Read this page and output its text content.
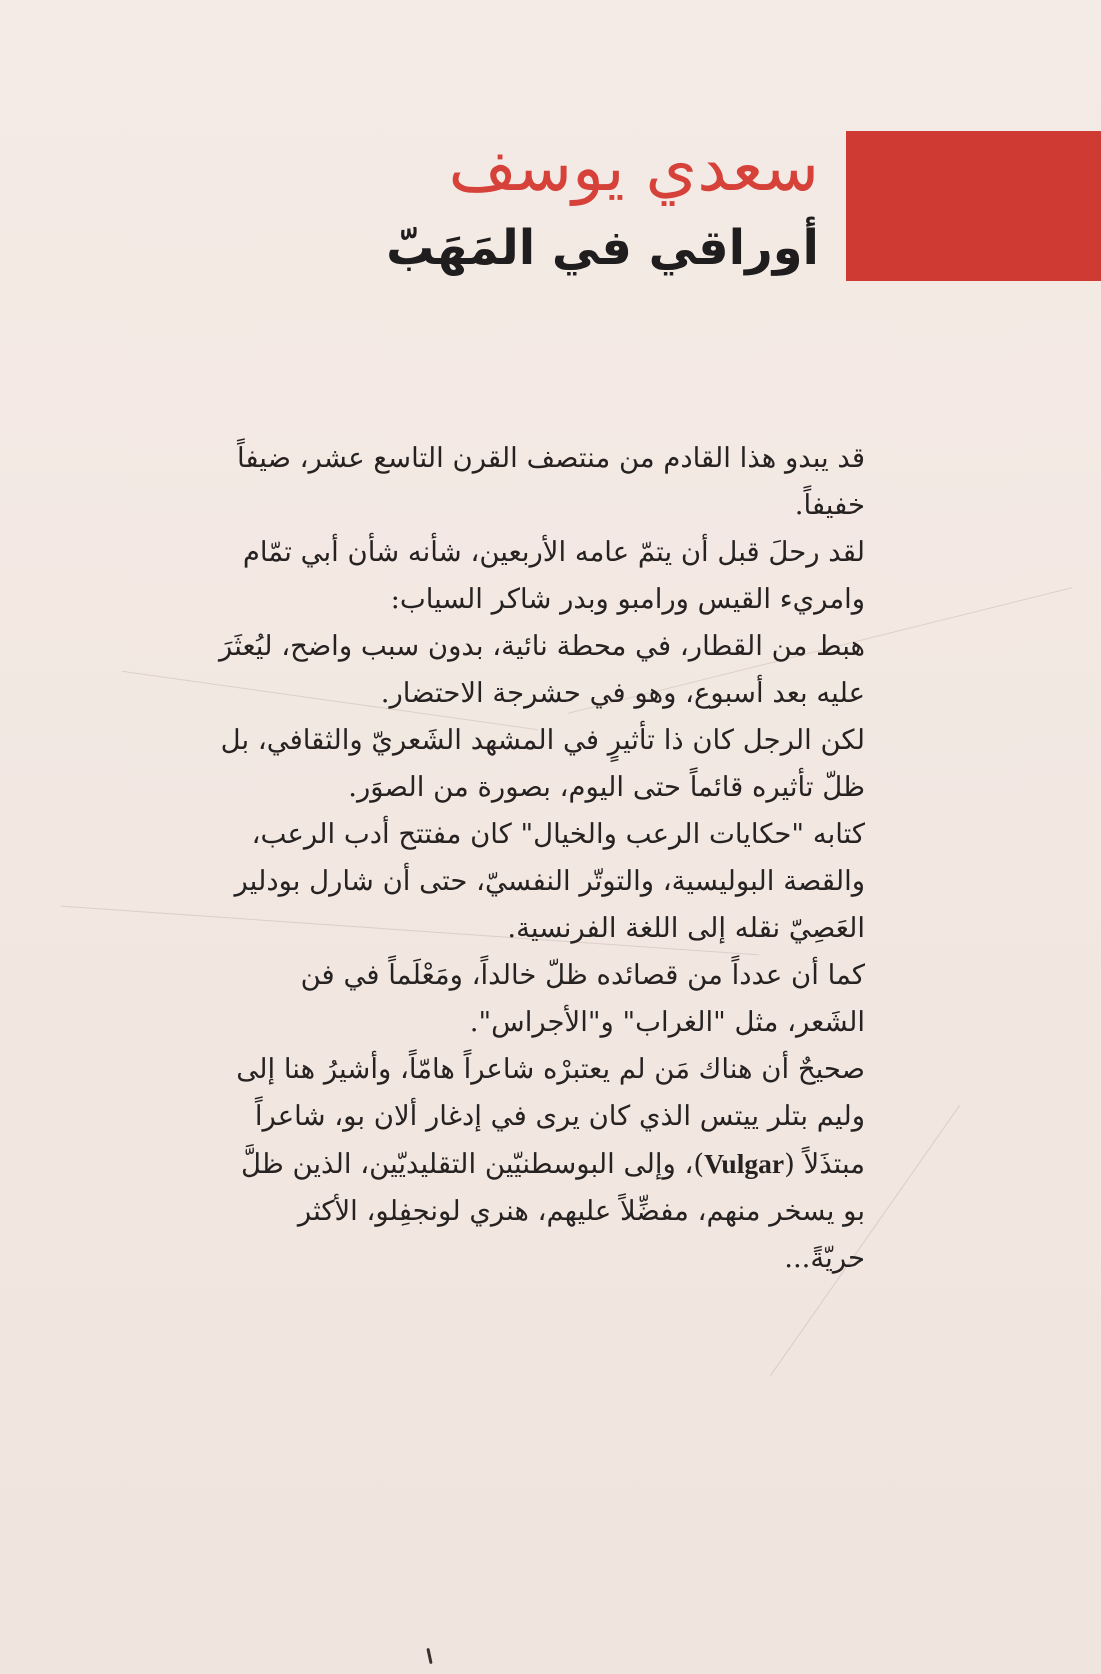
سعدي يوسف
أوراقي في المَهَبّ

قد يبدو هذا القادم من منتصف القرن التاسع عشر، ضيفاً خفيفاً.

لقد رحلَ قبل أن يتمّ عامه الأربعين، شأنه شأن أبي تمّام وامريء القيس ورامبو وبدر شاكر السياب:

هبط من القطار، في محطة نائية، بدون سبب واضح، ليُعثَرَ عليه بعد أسبوع، وهو في حشرجة الاحتضار.

لكن الرجل كان ذا تأثيرٍ في المشهد الشَعريّ والثقافي، بل ظلّ تأثيره قائماً حتى اليوم، بصورة من الصوَر.

كتابه "حكايات الرعب والخيال" كان مفتتح أدب الرعب، والقصة البوليسية، والتوتّر النفسيّ، حتى أن شارل بودلير العَصِيّ نقله إلى اللغة الفرنسية.

كما أن عدداً من قصائده ظلّ خالداً، ومَعْلَماً في فن الشَعر، مثل "الغراب" و"الأجراس".

صحيحٌ أن هناك مَن لم يعتبرْه شاعراً هامّاً، وأشيرُ هنا إلى وليم بتلر ييتس الذي كان يرى في إدغار ألان بو، شاعراً مبتذَلاً (Vulgar)، وإلى البوسطنيّين التقليديّين، الذين ظلَّ بو يسخر منهم، مفضِّلاً عليهم، هنري لونجفِلو، الأكثر حريّةً...
